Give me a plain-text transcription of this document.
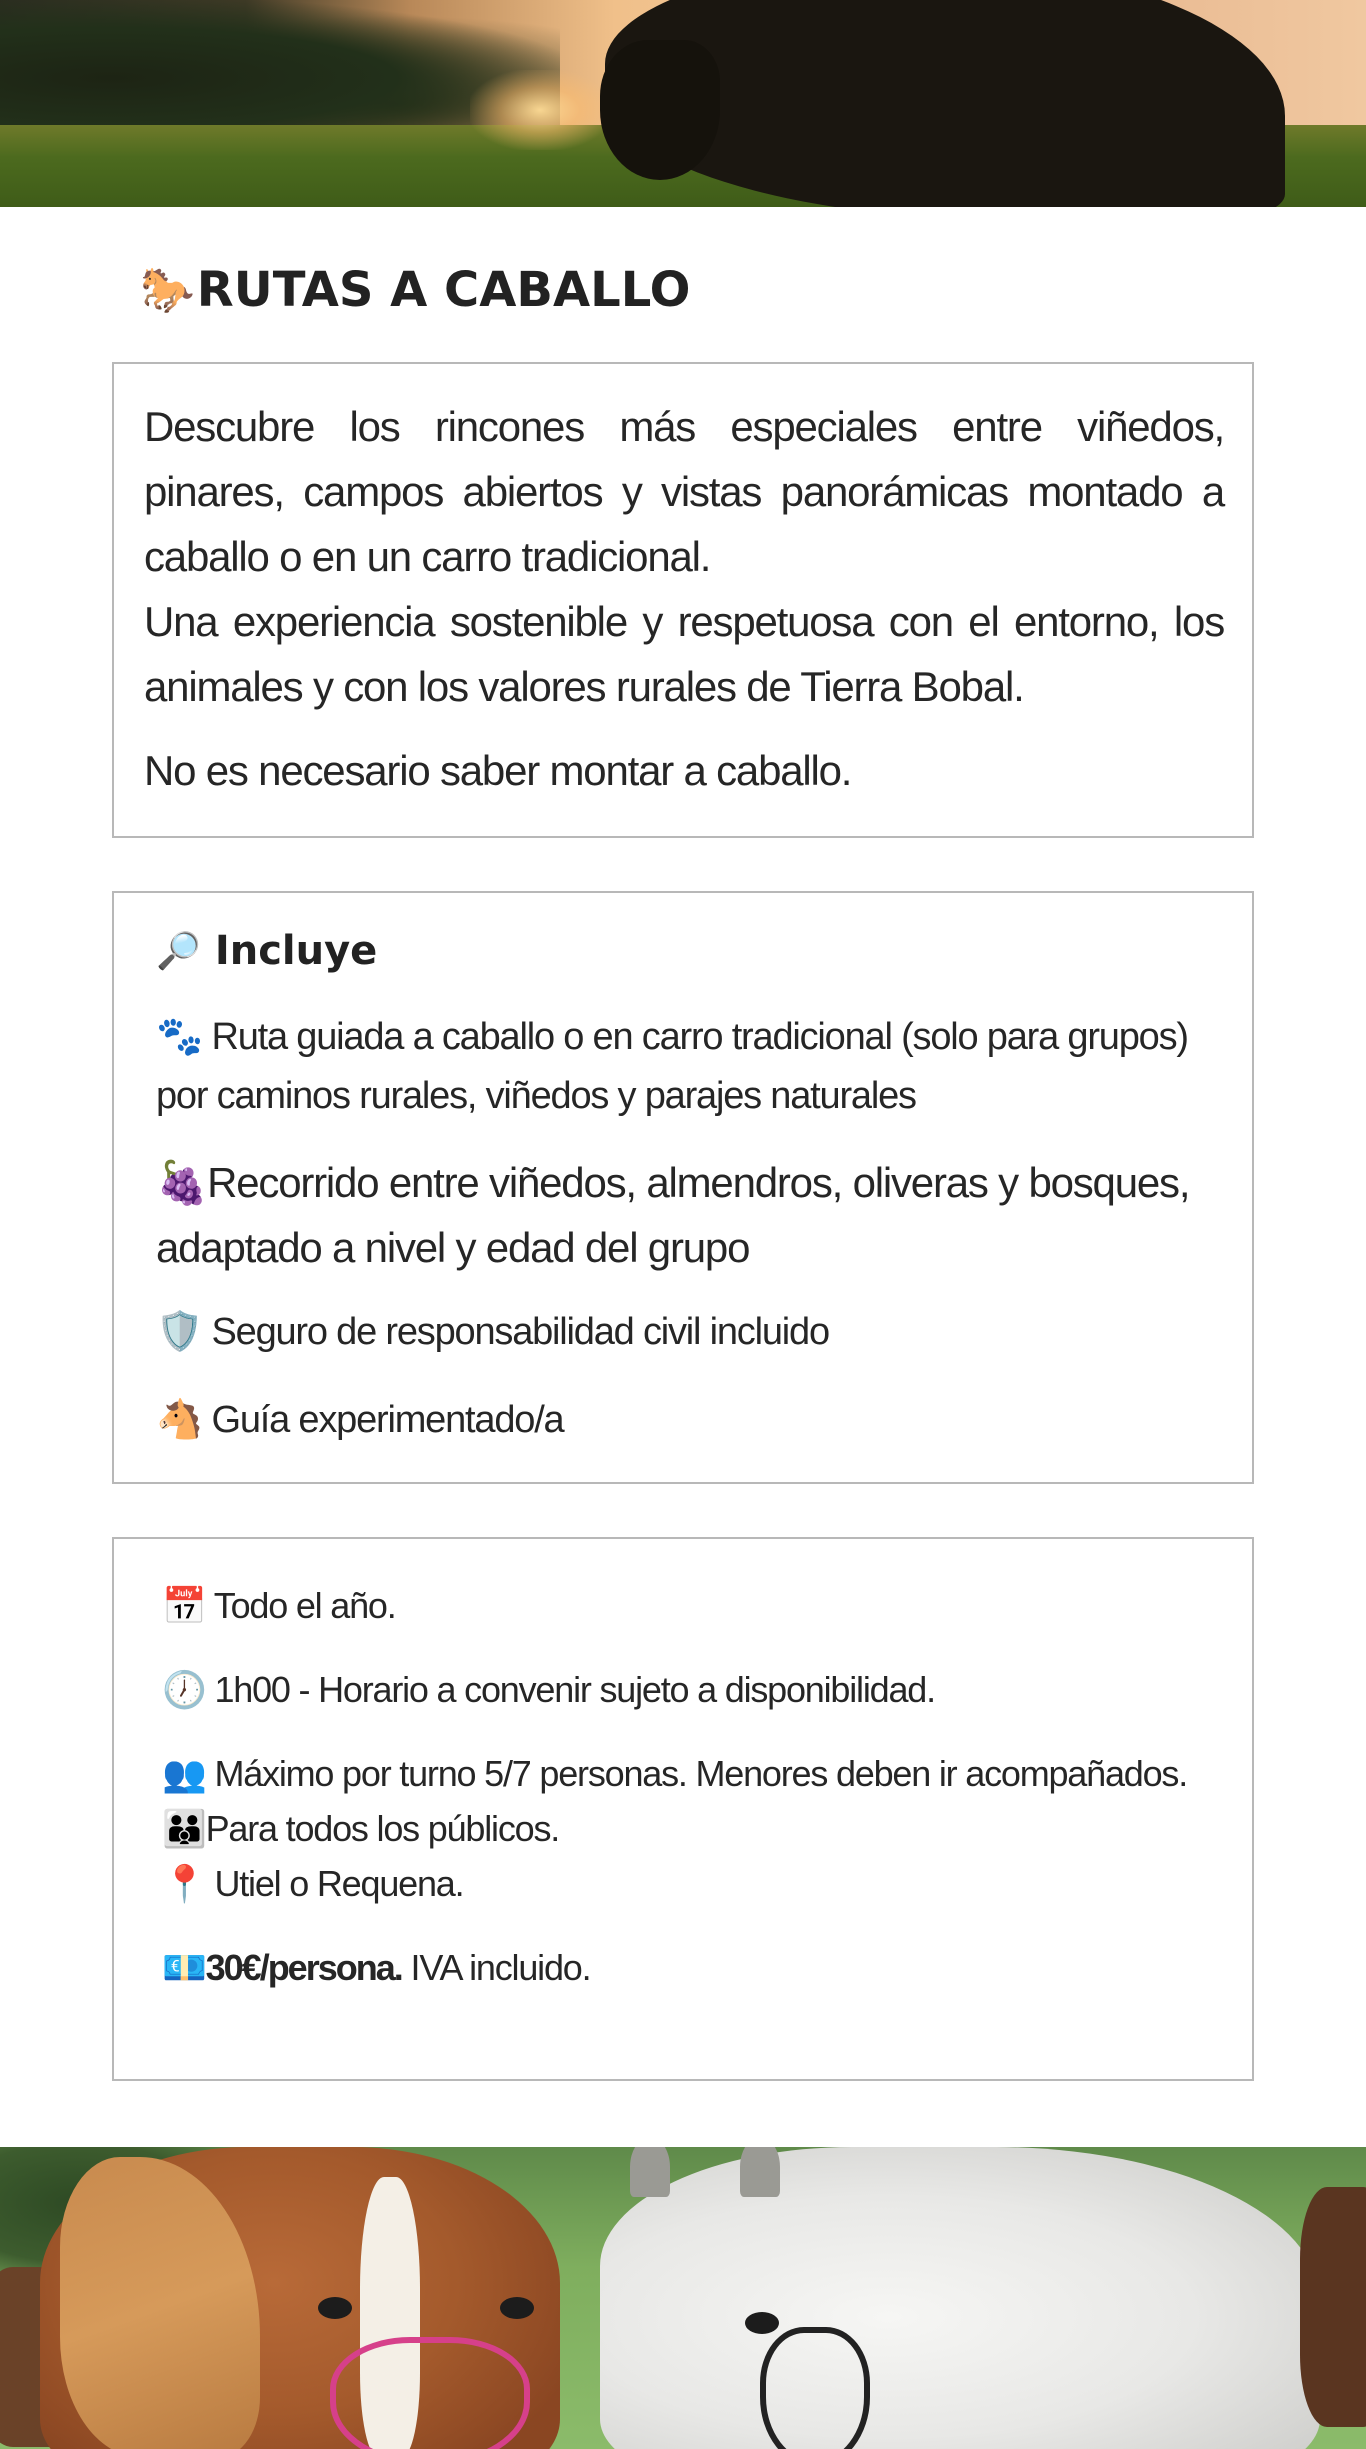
🐎 RUTAS A CABALLO
Descubre los rincones más especiales entre viñedos, pinares, campos abiertos y vistas panorámicas montado a caballo o en un carro tradicional.
Una experiencia sostenible y respetuosa con el entorno, los animales y con los valores rurales de Tierra Bobal.

No es necesario saber montar a caballo.

🔎 Incluye

🐾 Ruta guiada a caballo o en carro tradicional (solo para grupos) por caminos rurales, viñedos y parajes naturales

🍇Recorrido entre viñedos, almendros, oliveras y bosques, adaptado a nivel y edad del grupo

🛡️ Seguro de responsabilidad civil incluido

🐴 Guía experimentado/a

📅 Todo el año.

🕖 1h00 - Horario a convenir sujeto a disponibilidad.

👥 Máximo por turno 5/7 personas. Menores deben ir acompañados.

👪Para todos los públicos.

📍 Utiel o Requena.

💶30€/persona. IVA incluido.
